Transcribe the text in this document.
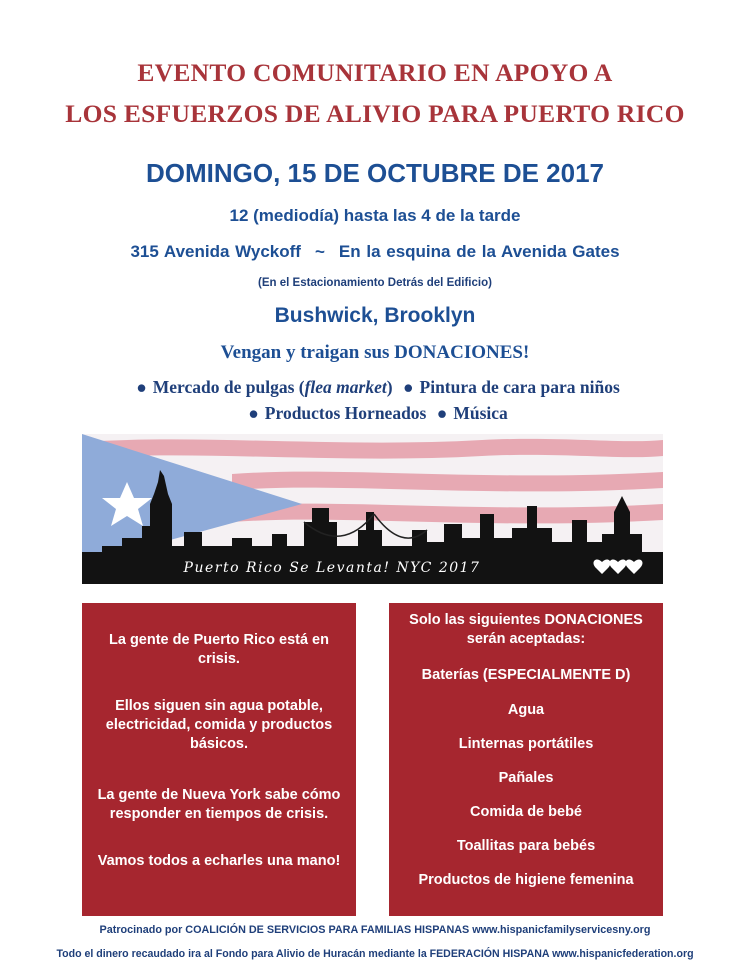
EVENTO COMUNITARIO EN APOYO A
LOS ESFUERZOS DE ALIVIO PARA PUERTO RICO
DOMINGO, 15 DE OCTUBRE DE 2017
12 (mediodía) hasta las 4 de la tarde
315 Avenida Wyckoff ~ En la esquina de la Avenida Gates
(En el Estacionamiento Detrás del Edificio)
Bushwick, Brooklyn
Vengan y traigan sus DONACIONES!
● Mercado de pulgas (flea market) ● Pintura de cara para niños
● Productos Horneados ● Música
Puerto Rico Se Levanta! NYC 2017

La gente de Puerto Rico está en crisis.

Ellos siguen sin agua potable, electricidad, comida y productos básicos.

La gente de Nueva York sabe cómo responder en tiempos de crisis.

Vamos todos a echarles una mano!

Solo las siguientes DONACIONES serán aceptadas:

Baterías (ESPECIALMENTE D)
Agua
Linternas portátiles
Pañales
Comida de bebé
Toallitas para bebés
Productos de higiene femenina
Patrocinado por COALICIÓN DE SERVICIOS PARA FAMILIAS HISPANAS www.hispanicfamilyservicesny.org
Todo el dinero recaudado ira al Fondo para Alivio de Huracán mediante la FEDERACIÓN HISPANA www.hispanicfederation.org
